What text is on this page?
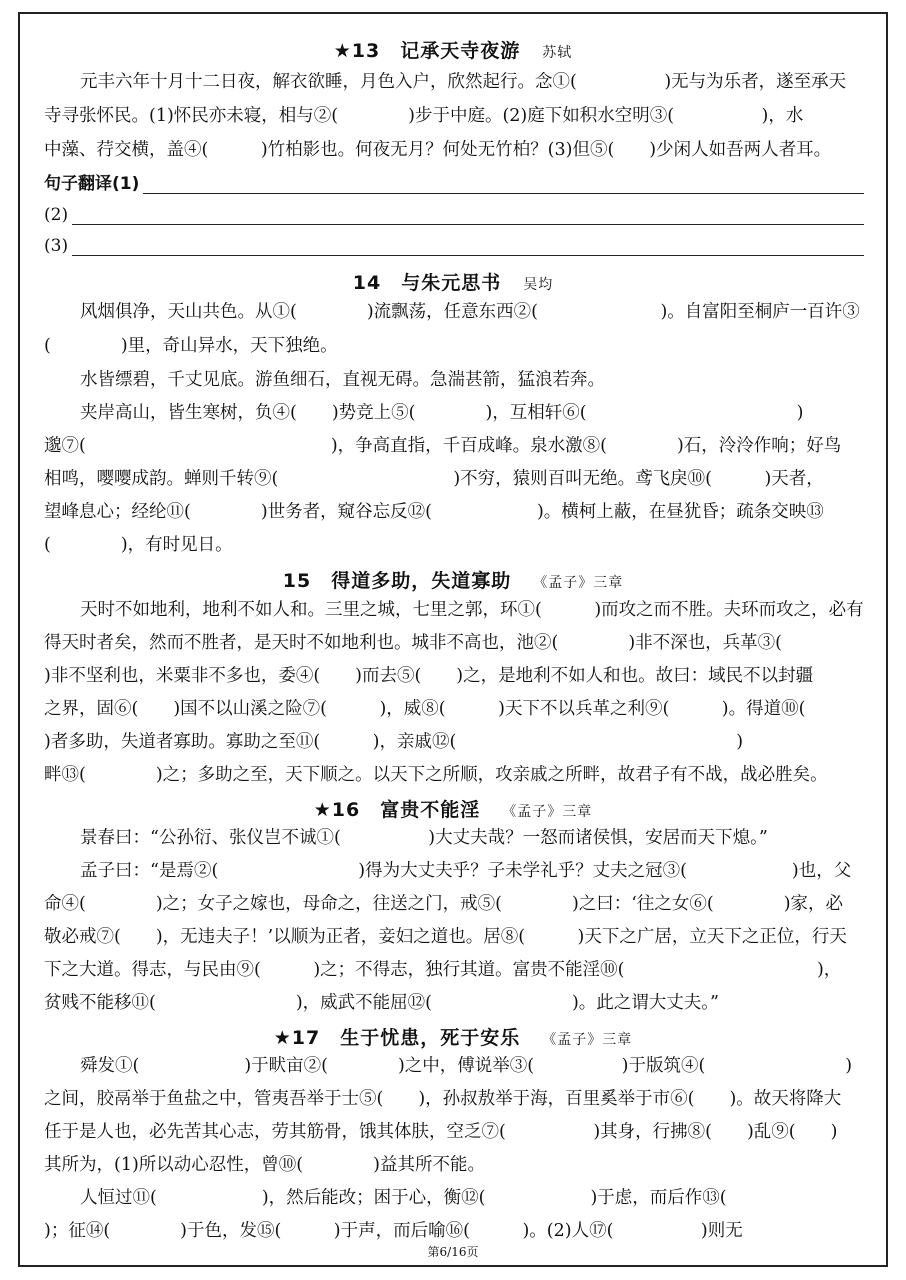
★13　记承天寺夜游 苏轼
元丰六年十月十二日夜，解衣欲睡，月色入户，欣然起行。念①(　　　　　)无与为乐者，遂至承天
寺寻张怀民。(1)怀民亦未寝，相与②(　　　　)步于中庭。(2)庭下如积水空明③(　　　　　)，水
中藻、荇交横，盖④(　　　)竹柏影也。何夜无月？何处无竹柏？(3)但⑤(　　)少闲人如吾两人者耳。
句子翻译(1)
(2)
(3)
14　与朱元思书 吴均
风烟俱净，天山共色。从①(　　　　)流飘荡，任意东西②(　　　　　　　)。自富阳至桐庐一百许③
(　　　　)里，奇山异水，天下独绝。
水皆缥碧，千丈见底。游鱼细石，直视无碍。急湍甚箭，猛浪若奔。
夹岸高山，皆生寒树，负④(　　)势竞上⑤(　　　　)，互相轩⑥(　　　　　　　　　　　　)
邈⑦(　　　　　　　　　　　　　　)，争高直指，千百成峰。泉水激⑧(　　　　)石，泠泠作响；好鸟
相鸣，嘤嘤成韵。蝉则千转⑨(　　　　　　　　　　)不穷，猿则百叫无绝。鸢飞戾⑩(　　　)天者，
望峰息心；经纶⑪(　　　　)世务者，窥谷忘反⑫(　　　　　　)。横柯上蔽，在昼犹昏；疏条交映⑬
(　　　　)，有时见日。
15　得道多助，失道寡助 《孟子》三章
天时不如地利，地利不如人和。三里之城，七里之郭，环①(　　　)而攻之而不胜。夫环而攻之，必有
得天时者矣，然而不胜者，是天时不如地利也。城非不高也，池②(　　　　)非不深也，兵革③(
)非不坚利也，米粟非不多也，委④(　　)而去⑤(　　)之，是地利不如人和也。故曰：域民不以封疆
之界，固⑥(　　)国不以山溪之险⑦(　　　)，威⑧(　　　)天下不以兵革之利⑨(　　　)。得道⑩(
)者多助，失道者寡助。寡助之至⑪(　　　)，亲戚⑫(　　　　　　　　　　　　　　　　)
畔⑬(　　　　)之；多助之至，天下顺之。以天下之所顺，攻亲戚之所畔，故君子有不战，战必胜矣。
★16　富贵不能淫 《孟子》三章
景春曰：“公孙衍、张仪岂不诚①(　　　　　)大丈夫哉？一怒而诸侯惧，安居而天下熄。”
孟子曰：“是焉②(　　　　　　　　)得为大丈夫乎？子未学礼乎？丈夫之冠③(　　　　　　)也，父
命④(　　　　)之；女子之嫁也，母命之，往送之门，戒⑤(　　　　)之曰：‘往之女⑥(　　　　)家，必
敬必戒⑦(　　)，无违夫子！’以顺为正者，妾妇之道也。居⑧(　　　)天下之广居，立天下之正位，行天
下之大道。得志，与民由⑨(　　　)之；不得志，独行其道。富贵不能淫⑩(　　　　　　　　　　　)，
贫贱不能移⑪(　　　　　　　　)，威武不能屈⑫(　　　　　　　　)。此之谓大丈夫。”
★17　生于忧患，死于安乐 《孟子》三章
舜发①(　　　　　　)于畎亩②(　　　　)之中，傅说举③(　　　　　)于版筑④(　　　　　　　　)
之间，胶鬲举于鱼盐之中，管夷吾举于士⑤(　　)，孙叔敖举于海，百里奚举于市⑥(　　)。故天将降大
任于是人也，必先苦其心志，劳其筋骨，饿其体肤，空乏⑦(　　　　　)其身，行拂⑧(　　)乱⑨(　　)
其所为，(1)所以动心忍性，曾⑩(　　　　)益其所不能。
人恒过⑪(　　　　　　)，然后能改；困于心，衡⑫(　　　　　　)于虑，而后作⑬(
)；征⑭(　　　　)于色，发⑮(　　　)于声，而后喻⑯(　　　)。(2)人⑰(　　　　　)则无
第6/16页
